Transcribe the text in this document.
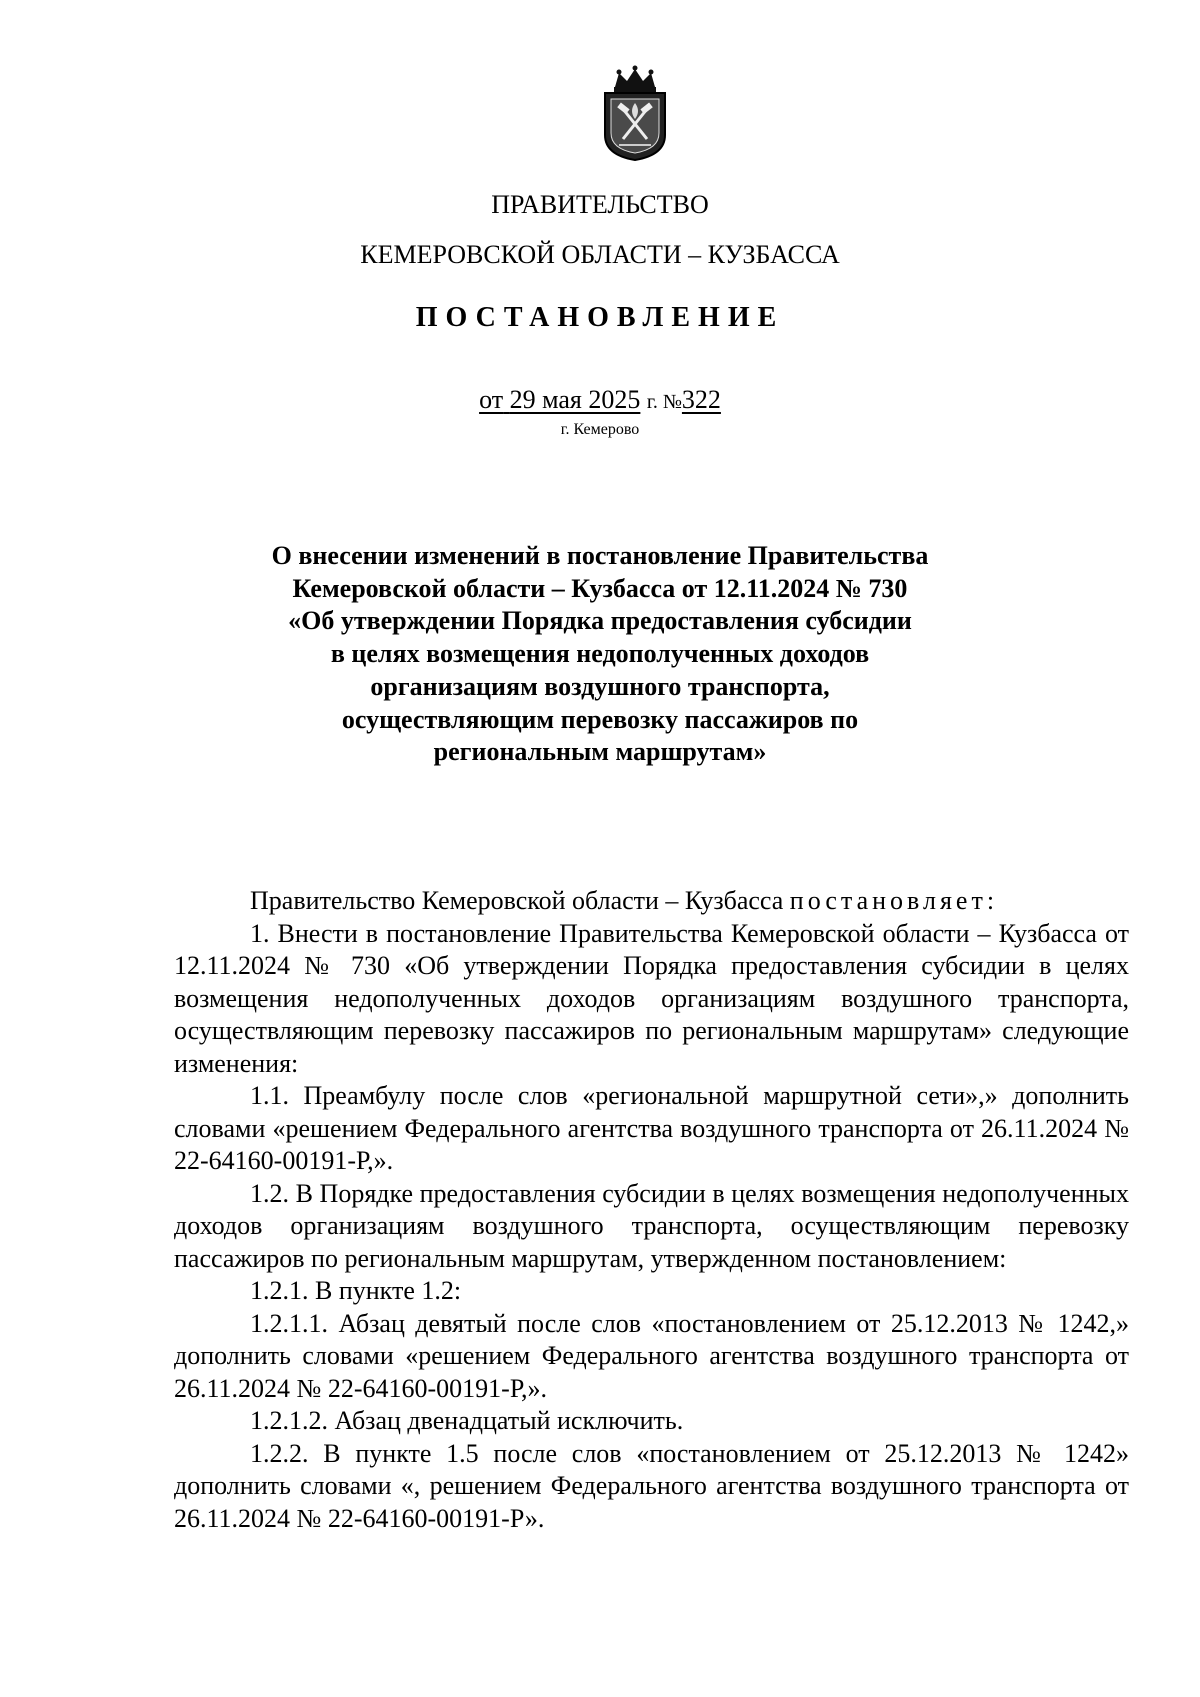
ПРАВИТЕЛЬСТВО
КЕМЕРОВСКОЙ ОБЛАСТИ – КУЗБАССА
ПОСТАНОВЛЕНИЕ
от 29 мая 2025 г. №322
г. Кемерово
О внесении изменений в постановление Правительства
Кемеровской области – Кузбасса от 12.11.2024 № 730
«Об утверждении Порядка предоставления субсидии
в целях возмещения недополученных доходов
организациям воздушного транспорта,
осуществляющим перевозку пассажиров по
региональным маршрутам»

Правительство Кемеровской области – Кузбасса постановляет:

1. Внести в постановление Правительства Кемеровской области – Кузбасса от 12.11.2024 № 730 «Об утверждении Порядка предоставления субсидии в целях возмещения недополученных доходов организациям воздушного транспорта, осуществляющим перевозку пассажиров по региональным маршрутам» следующие изменения:

1.1. Преамбулу после слов «региональной маршрутной сети»,» дополнить словами «решением Федерального агентства воздушного транспорта от 26.11.2024 № 22-64160-00191-Р,».

1.2. В Порядке предоставления субсидии в целях возмещения недополученных доходов организациям воздушного транспорта, осуществляющим перевозку пассажиров по региональным маршрутам, утвержденном постановлением:

1.2.1. В пункте 1.2:

1.2.1.1. Абзац девятый после слов «постановлением от 25.12.2013 № 1242,» дополнить словами «решением Федерального агентства воздушного транспорта от 26.11.2024 № 22-64160-00191-Р,».

1.2.1.2. Абзац двенадцатый исключить.

1.2.2. В пункте 1.5 после слов «постановлением от 25.12.2013 № 1242» дополнить словами «, решением Федерального агентства воздушного транспорта от 26.11.2024 № 22-64160-00191-Р».
